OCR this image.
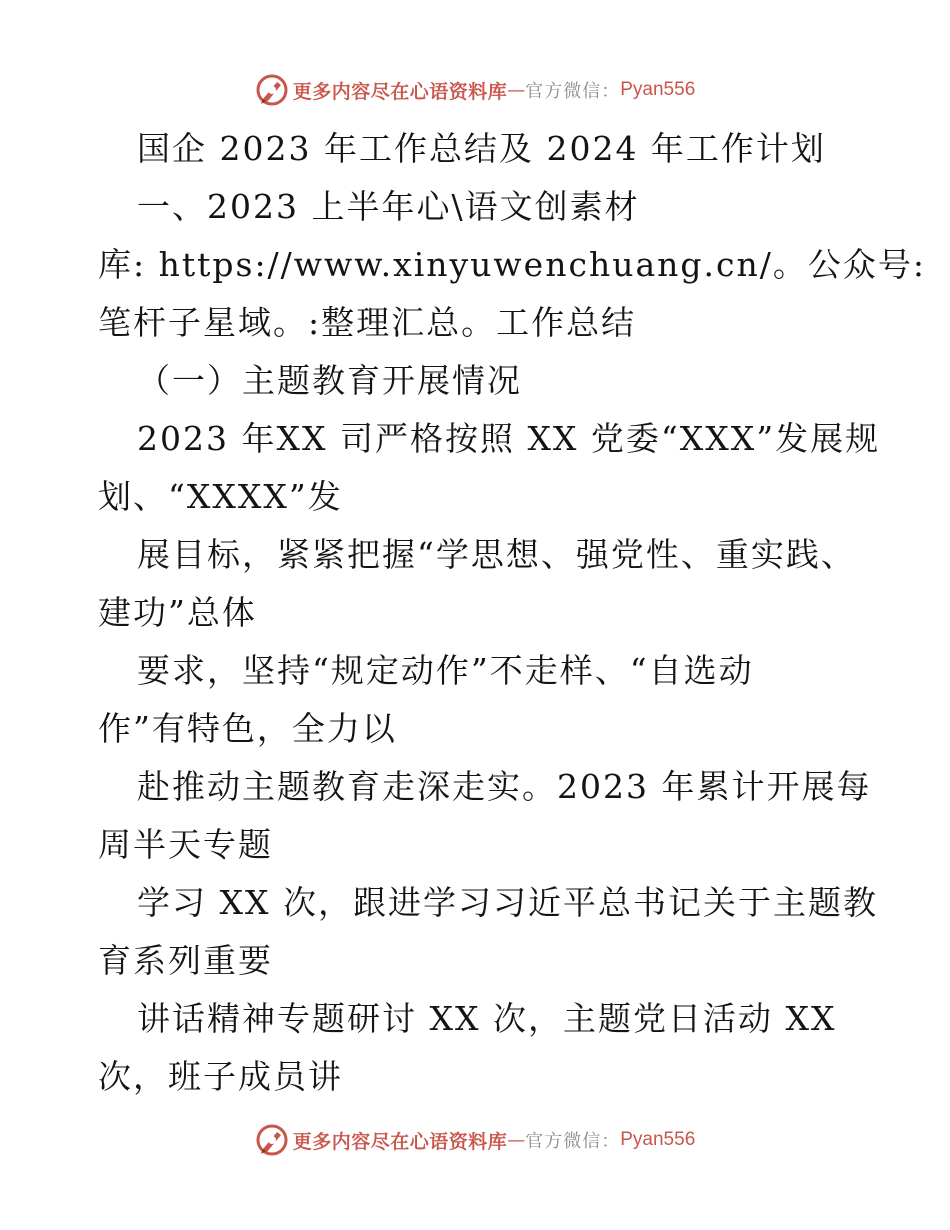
更多内容尽在心语资料库 — 官方微信： Pyan556
国企 2023 年工作总结及 2024 年工作计划
一、2023 上半年心\语文创素材
库: https://www.xinyuwenchuang.cn/。公众号:
笔杆子星域。:整理汇总。工作总结
（一）主题教育开展情况
2023 年XX 司严格按照 XX 党委“XXX”发展规
划、“XXXX”发
展目标，紧紧把握“学思想、强党性、重实践、
建功”总体
要求，坚持“规定动作”不走样、“自选动
作”有特色，全力以
赴推动主题教育走深走实。2023 年累计开展每
周半天专题
学习 XX 次，跟进学习习近平总书记关于主题教
育系列重要
讲话精神专题研讨 XX 次，主题党日活动 XX
次，班子成员讲
更多内容尽在心语资料库 — 官方微信： Pyan556
